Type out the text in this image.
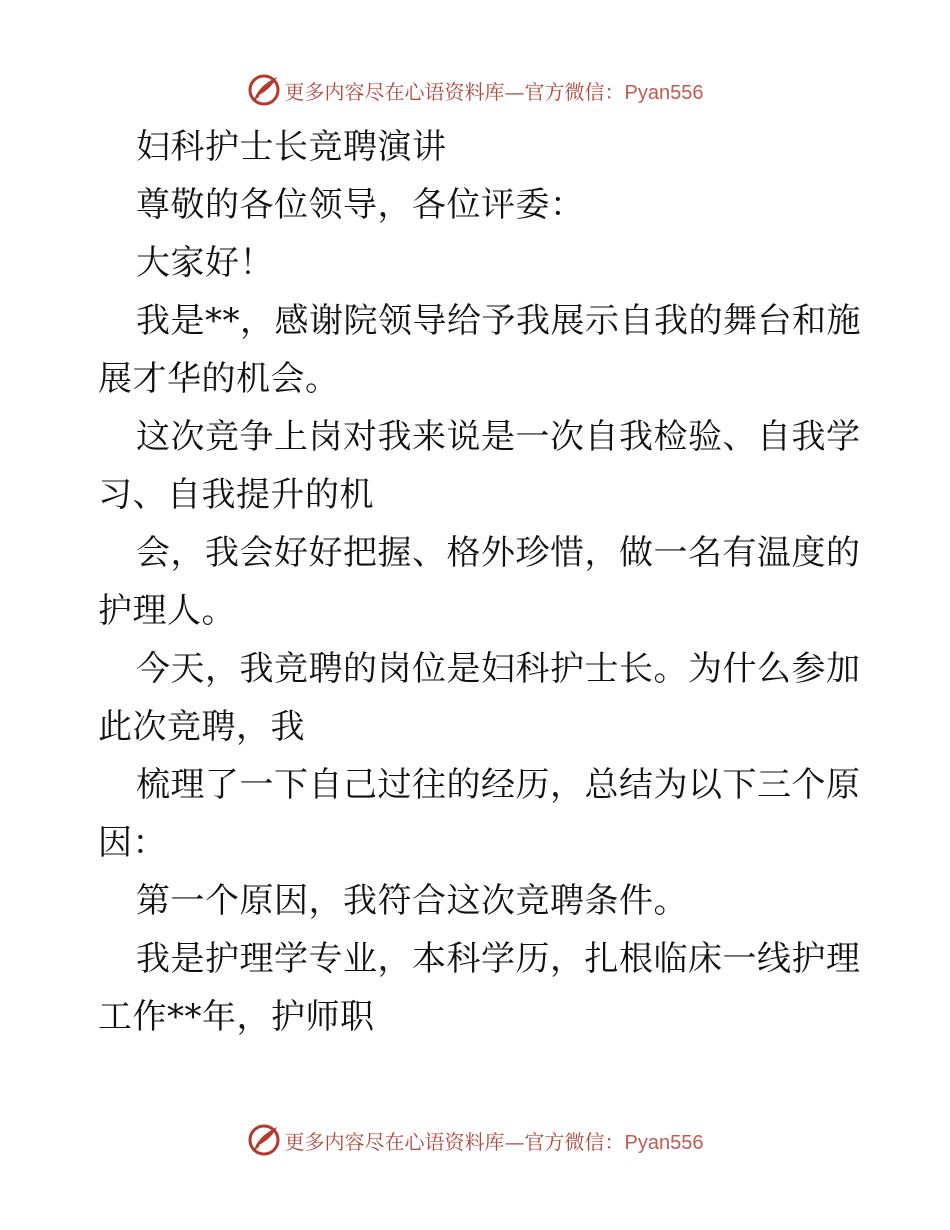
更多内容尽在心语资料库—官方微信：Pyan556
妇科护士长竞聘演讲
尊敬的各位领导，各位评委：
大家好！
我是**，感谢院领导给予我展示自我的舞台和施
展才华的机会。
这次竞争上岗对我来说是一次自我检验、自我学
习、自我提升的机
会，我会好好把握、格外珍惜，做一名有温度的
护理人。
今天，我竞聘的岗位是妇科护士长。为什么参加
此次竞聘，我
梳理了一下自己过往的经历，总结为以下三个原
因：
第一个原因，我符合这次竞聘条件。
我是护理学专业，本科学历，扎根临床一线护理
工作**年，护师职
更多内容尽在心语资料库—官方微信：Pyan556
